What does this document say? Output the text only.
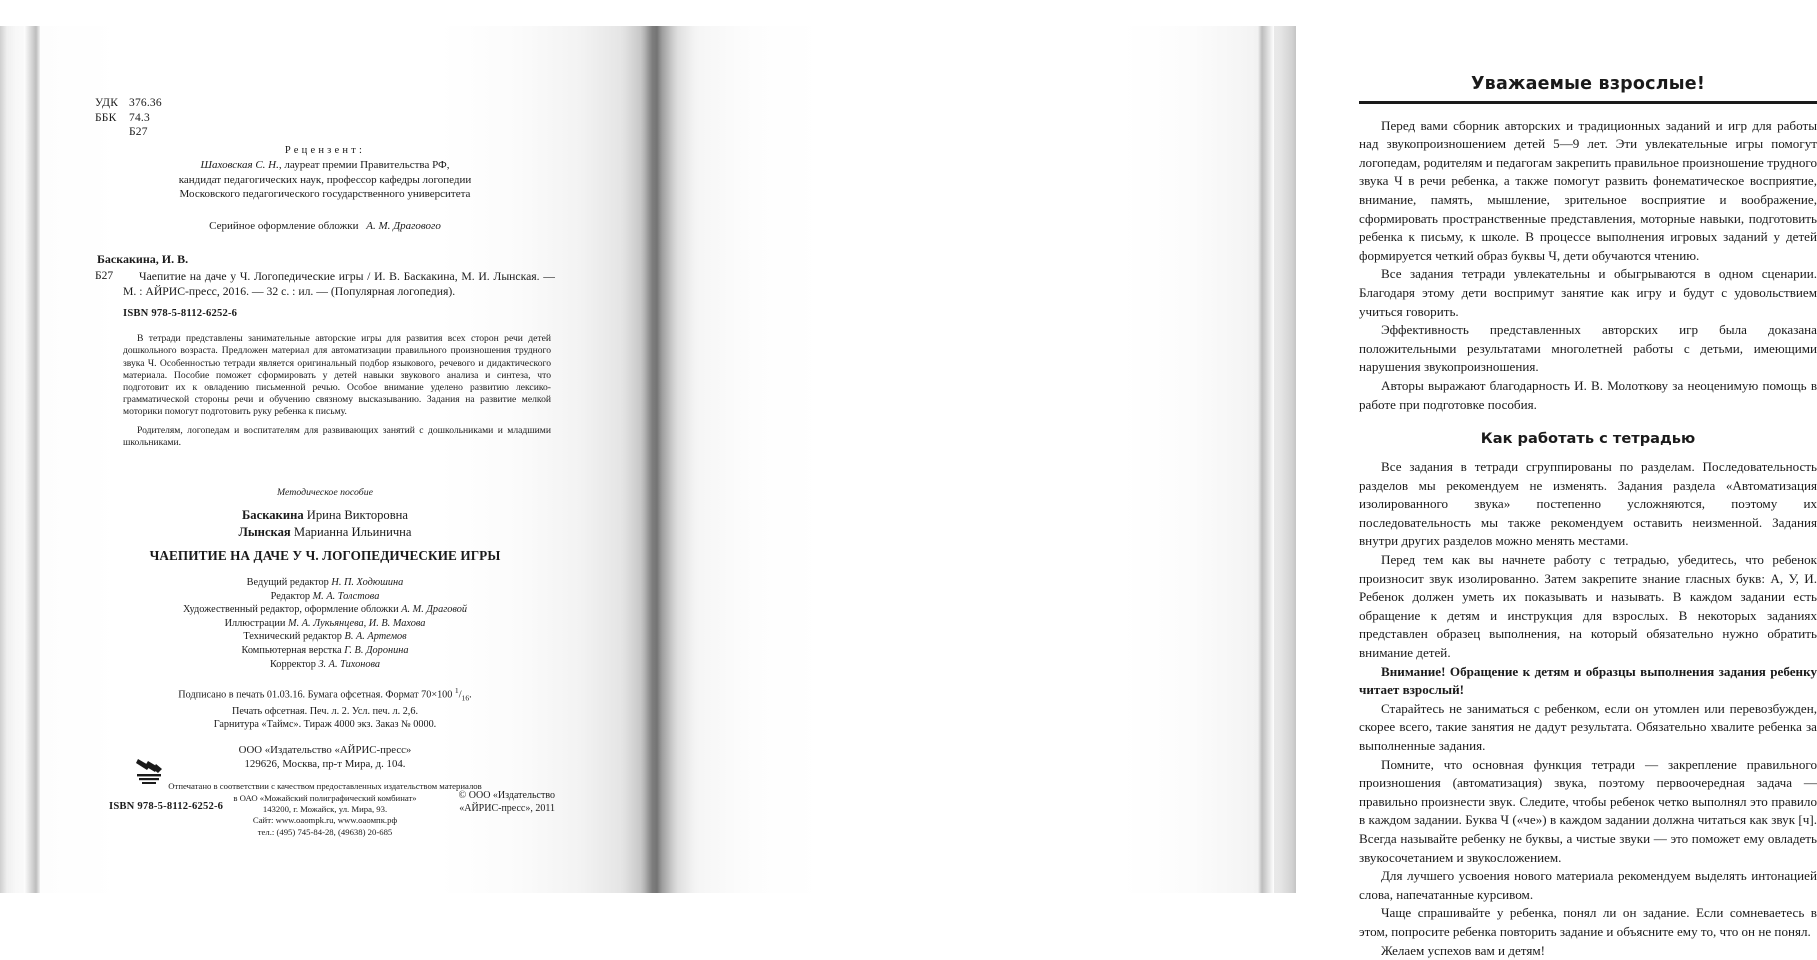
УДК 376.36
ББК 74.3
Б27
Рецензент:
Шаховская С. Н., лауреат премии Правительства РФ,
кандидат педагогических наук, профессор кафедры логопедии
Московского педагогического государственного университета
Серийное оформление обложки А. М. Драгового
Баскакина, И. В.
Б27	Чаепитие на даче у Ч. Логопедические игры / И. В. Баскакина, М. И. Лынская. — М. : АЙРИС-пресс, 2016. — 32 с. : ил. — (Популярная логопедия).

ISBN 978-5-8112-6252-6

В тетради представлены занимательные авторские игры для развития всех сторон речи детей дошкольного возраста. Предложен материал для автоматизации правильного произношения трудного звука Ч. Особенностью тетради является оригинальный подбор языкового, речевого и дидактического материала. Пособие поможет сформировать у детей навыки звукового анализа и синтеза, что подготовит их к овладению письменной речью. Особое внимание уделено развитию лексико-грамматической стороны речи и обучению связному высказыванию. Задания на развитие мелкой моторики помогут подготовить руку ребенка к письму.

Родителям, логопедам и воспитателям для развивающих занятий с дошкольниками и младшими школьниками.

Методическое пособие
Баскакина Ирина Викторовна
Лынская Марианна Ильинична
ЧАЕПИТИЕ НА ДАЧЕ У Ч. ЛОГОПЕДИЧЕСКИЕ ИГРЫ
Ведущий редактор Н. П. Ходюшина
Редактор М. А. Толстова
Художественный редактор, оформление обложки А. М. Драговой
Иллюстрации М. А. Лукьянцева, И. В. Махова
Технический редактор В. А. Артемов
Компьютерная верстка Г. В. Доронина
Корректор З. А. Тихонова
Подписано в печать 01.03.16. Бумага офсетная. Формат 70×100 $^1/_{16}$.
Печать офсетная. Печ. л. 2. Усл. печ. л. 2,6.
Гарнитура «Таймс». Тираж 4000 экз. Заказ № 0000.
ООО «Издательство «АЙРИС-пресс»
129626, Москва, пр-т Мира, д. 104.
Отпечатано в соответствии с качеством предоставленных издательством материалов
в ОАО «Можайский полиграфический комбинат»
143200, г. Можайск, ул. Мира, 93.
Сайт: www.oaompk.ru, www.оаомпк.рф
тел.: (495) 745-84-28, (49638) 20-685
ISBN 978-5-8112-6252-6
© ООО «Издательство
«АЙРИС-пресс», 2011
Уважаемые взрослые!

Перед вами сборник авторских и традиционных заданий и игр для работы над звукопроизношением детей 5—9 лет. Эти увлекательные игры помогут логопедам, родителям и педагогам закрепить правильное произношение трудного звука Ч в речи ребенка, а также помогут развить фонематическое восприятие, внимание, память, мышление, зрительное восприятие и воображение, сформировать пространственные представления, моторные навыки, подготовить ребенка к письму, к школе. В процессе выполнения игровых заданий у детей формируется четкий образ буквы Ч, дети обучаются чтению.

Все задания тетради увлекательны и обыгрываются в одном сценарии. Благодаря этому дети воспримут занятие как игру и будут с удовольствием учиться говорить.

Эффективность представленных авторских игр была доказана положительными результатами многолетней работы с детьми, имеющими нарушения звукопроизношения.

Авторы выражают благодарность И. В. Молоткову за неоценимую помощь в работе при подготовке пособия.

Как работать с тетрадью

Все задания в тетради сгруппированы по разделам. Последовательность разделов мы рекомендуем не изменять. Задания раздела «Автоматизация изолированного звука» постепенно усложняются, поэтому их последовательность мы также рекомендуем оставить неизменной. Задания внутри других разделов можно менять местами.

Перед тем как вы начнете работу с тетрадью, убедитесь, что ребенок произносит звук изолированно. Затем закрепите знание гласных букв: А, У, И. Ребенок должен уметь их показывать и называть. В каждом задании есть обращение к детям и инструкция для взрослых. В некоторых заданиях представлен образец выполнения, на который обязательно нужно обратить внимание детей.

Внимание! Обращение к детям и образцы выполнения задания ребенку читает взрослый!

Старайтесь не заниматься с ребенком, если он утомлен или перевозбужден, скорее всего, такие занятия не дадут результата. Обязательно хвалите ребенка за выполненные задания.

Помните, что основная функция тетради — закрепление правильного произношения (автоматизация) звука, поэтому первоочередная задача — правильно произнести звук. Следите, чтобы ребенок четко выполнял это правило в каждом задании. Буква Ч («че») в каждом задании должна читаться как звук [ч]. Всегда называйте ребенку не буквы, а чистые звуки — это поможет ему овладеть звукосочетанием и звукосложением.

Для лучшего усвоения нового материала рекомендуем выделять интонацией слова, напечатанные курсивом.

Чаще спрашивайте у ребенка, понял ли он задание. Если сомневаетесь в этом, попросите ребенка повторить задание и объясните ему то, что он не понял.

Желаем успехов вам и детям!
